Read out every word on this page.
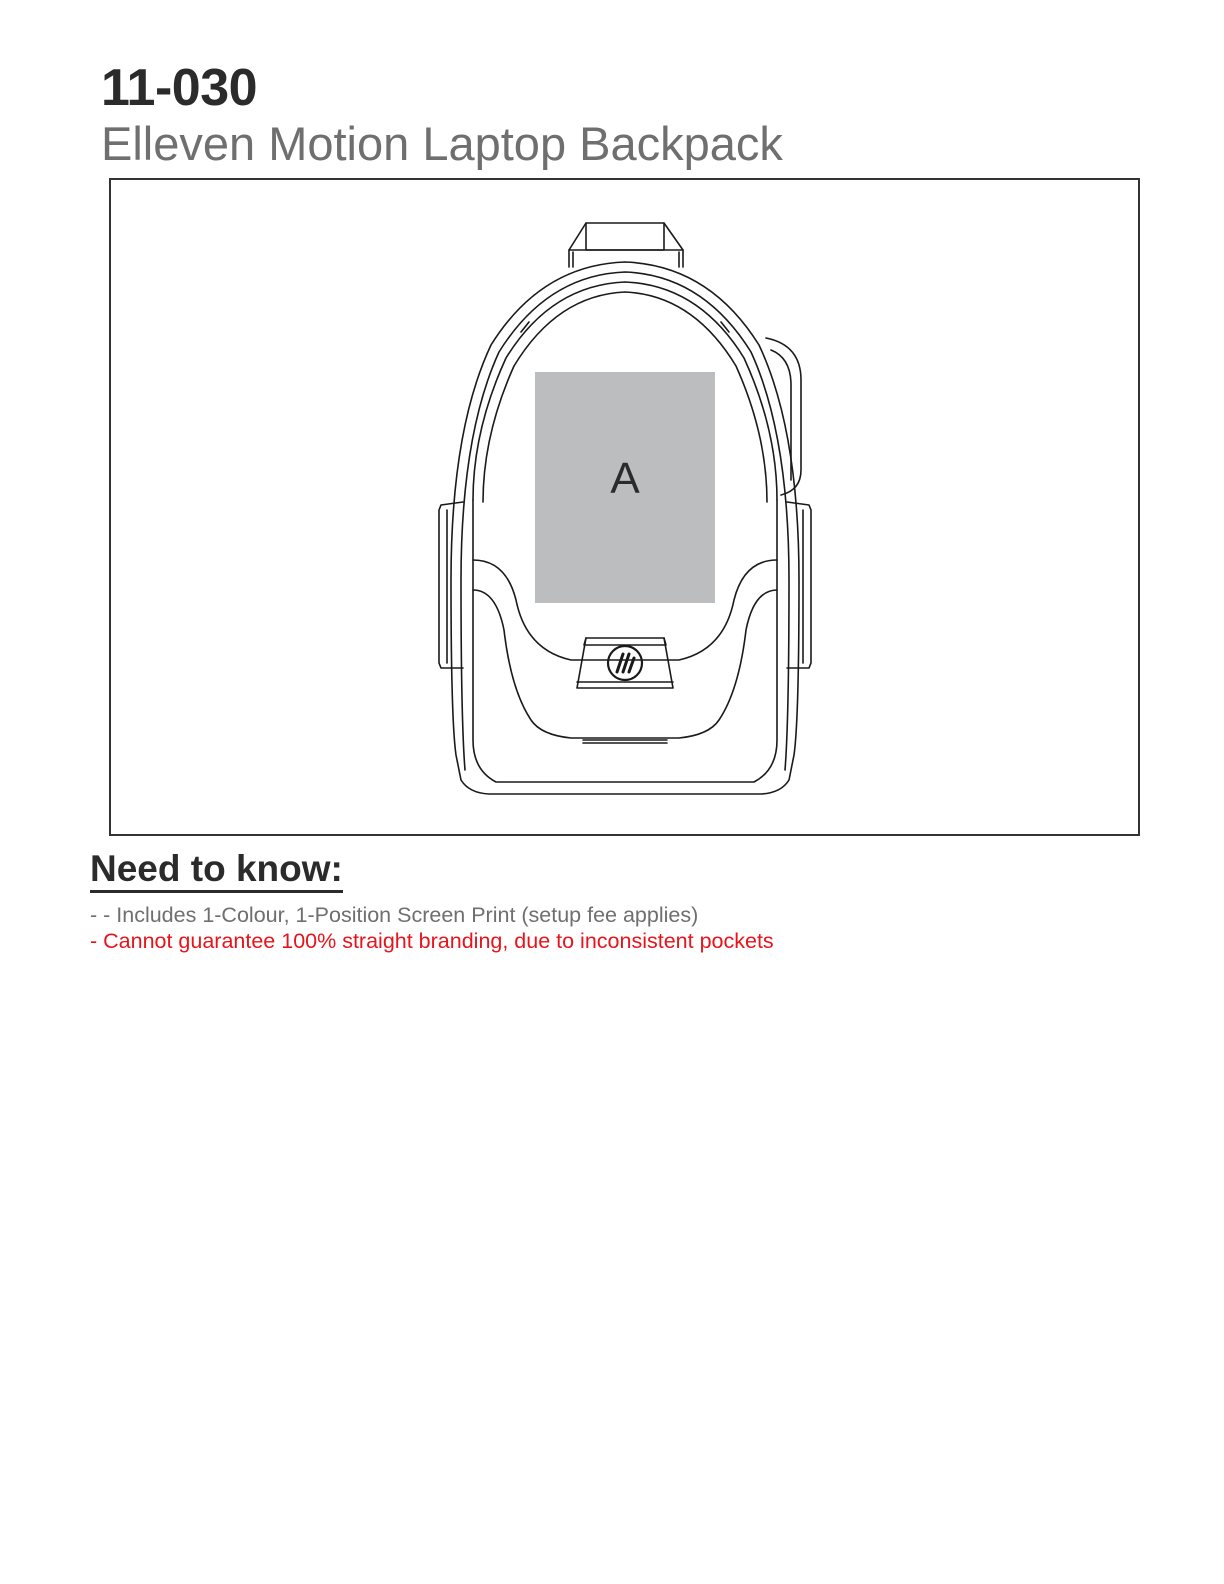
11-030
Elleven Motion Laptop Backpack
A
Need to know:
- - Includes 1-Colour, 1-Position Screen Print (setup fee applies)
- Cannot guarantee 100% straight branding, due to inconsistent pockets
